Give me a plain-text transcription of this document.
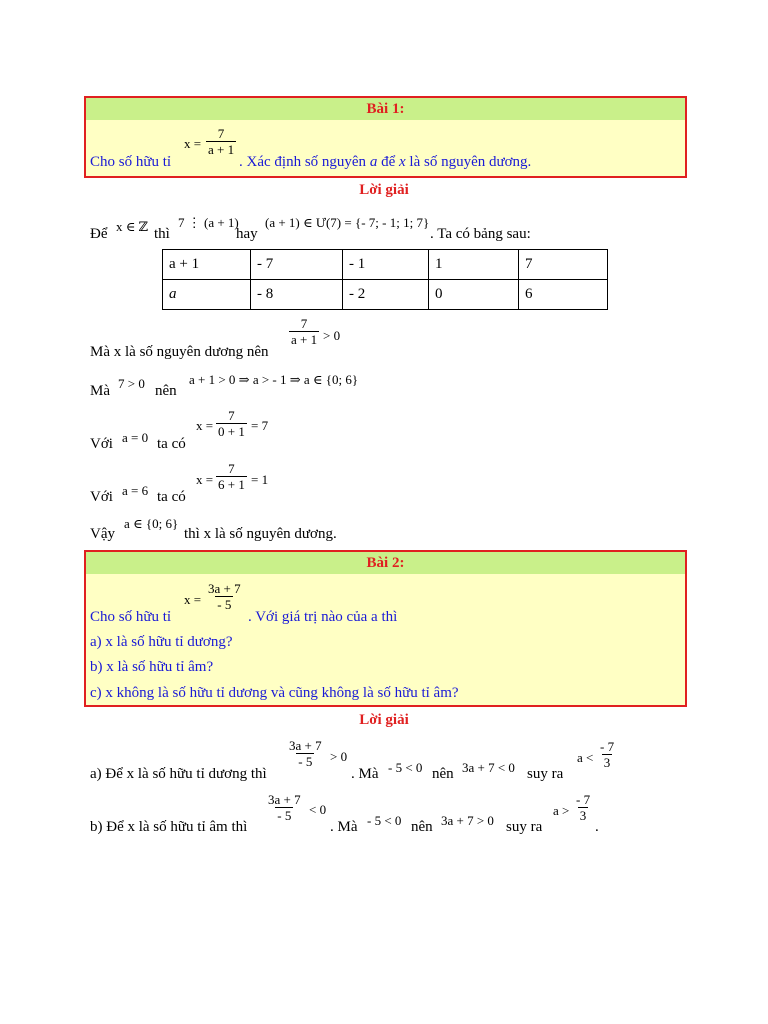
Bài 1:
Cho số hữu tỉ
$x = \frac{7}{a + 1}$
. Xác định số nguyên a để x là số nguyên dương.
Lời giải
Để x ∈ ℤ thì
7 ⋮ (a + 1)
hay
(a + 1) ∈ Ư(7) = {- 7; - 1; 1; 7}
. Ta có bảng sau:
a + 1	- 7	- 1	1	7
a	- 8	- 2	0	6
Mà x là số nguyên dương nên
$\frac{7}{a + 1} > 0$
Mà 7 > 0 nên
a + 1 > 0 ⇒ a > - 1 ⇒ a ∈ {0; 6}
Với a = 0 ta có
$x = \frac{7}{0 + 1} = 7$
Với a = 6 ta có
$x = \frac{7}{6 + 1} = 1$
Vậy
a ∈ {0; 6}
thì x là số nguyên dương.
Bài 2:
Cho số hữu tỉ
$x = \frac{3a + 7}{- 5}$
. Với giá trị nào của a thì
a) x là số hữu tỉ dương?
b) x là số hữu tỉ âm?
c) x không là số hữu tỉ dương và cũng không là số hữu tỉ âm?
Lời giải
a) Để x là số hữu tỉ dương thì
$\frac{3a + 7}{- 5} > 0$
. Mà - 5 < 0 nên 3a + 7 < 0 suy ra
$a < \frac{- 7}{3}$
b) Để x là số hữu tỉ âm thì
$\frac{3a + 7}{- 5} < 0$
. Mà - 5 < 0 nên 3a + 7 > 0 suy ra
$a > \frac{- 7}{3}$
.
